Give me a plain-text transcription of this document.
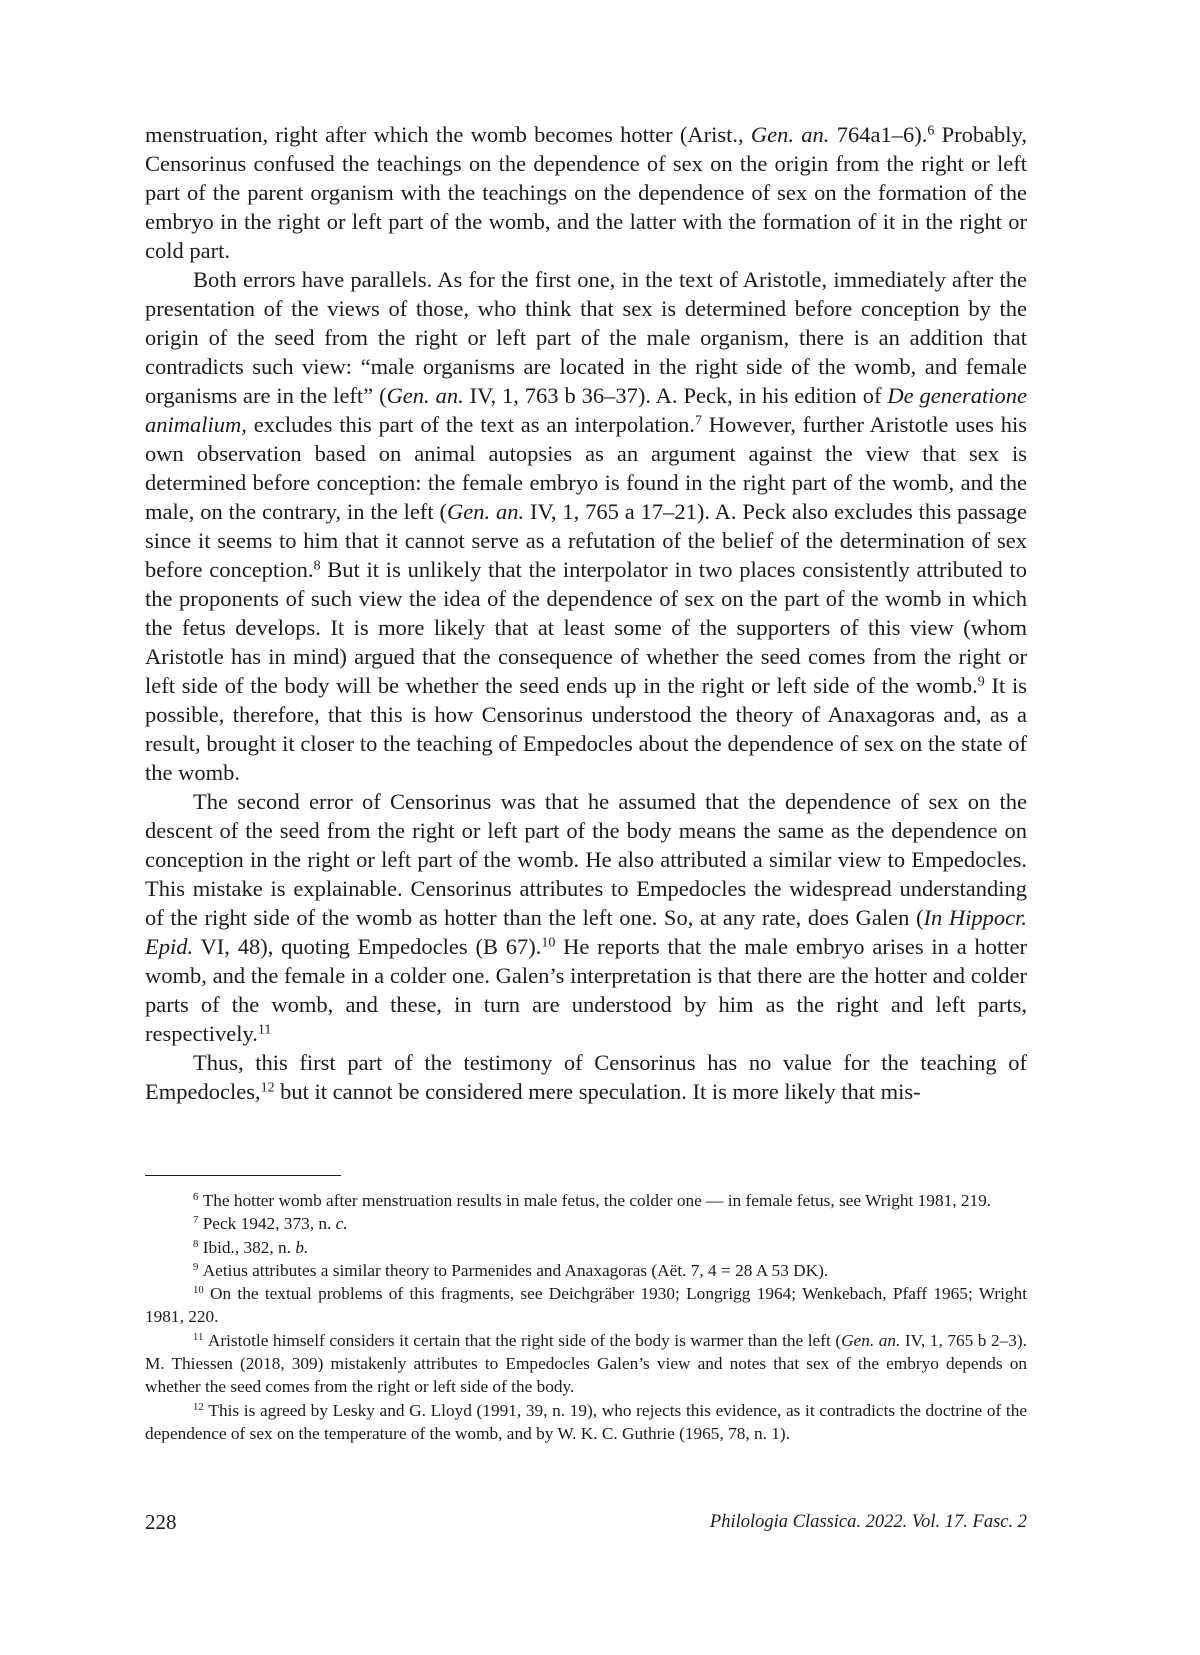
menstruation, right after which the womb becomes hotter (Arist., Gen. an. 764a1–6).$^6$ Probably, Censorinus confused the teachings on the dependence of sex on the origin from the right or left part of the parent organism with the teachings on the dependence of sex on the formation of the embryo in the right or left part of the womb, and the latter with the formation of it in the right or cold part.

Both errors have parallels. As for the first one, in the text of Aristotle, immediately after the presentation of the views of those, who think that sex is determined before conception by the origin of the seed from the right or left part of the male organism, there is an addition that contradicts such view: “male organisms are located in the right side of the womb, and female organisms are in the left” (Gen. an. IV, 1, 763 b 36–37). A. Peck, in his edition of De generatione animalium, excludes this part of the text as an interpolation.$^7$ However, further Aristotle uses his own observation based on animal autopsies as an argument against the view that sex is determined before conception: the female embryo is found in the right part of the womb, and the male, on the contrary, in the left (Gen. an. IV, 1, 765 a 17–21). A. Peck also excludes this passage since it seems to him that it cannot serve as a refutation of the belief of the determination of sex before conception.$^8$ But it is unlikely that the interpolator in two places consistently attributed to the proponents of such view the idea of the dependence of sex on the part of the womb in which the fetus develops. It is more likely that at least some of the supporters of this view (whom Aristotle has in mind) argued that the consequence of whether the seed comes from the right or left side of the body will be whether the seed ends up in the right or left side of the womb.$^9$ It is possible, therefore, that this is how Censorinus understood the theory of Anaxagoras and, as a result, brought it closer to the teaching of Empedocles about the dependence of sex on the state of the womb.

The second error of Censorinus was that he assumed that the dependence of sex on the descent of the seed from the right or left part of the body means the same as the dependence on conception in the right or left part of the womb. He also attributed a similar view to Empedocles. This mistake is explainable. Censorinus attributes to Empedocles the widespread understanding of the right side of the womb as hotter than the left one. So, at any rate, does Galen (In Hippocr. Epid. VI, 48), quoting Empedocles (B 67).$^{10}$ He reports that the male embryo arises in a hotter womb, and the female in a colder one. Galen’s interpretation is that there are the hotter and colder parts of the womb, and these, in turn are understood by him as the right and left parts, respectively.$^{11}$

Thus, this first part of the testimony of Censorinus has no value for the teaching of Empedocles,$^{12}$ but it cannot be considered mere speculation. It is more likely that mis-

$^6$ The hotter womb after menstruation results in male fetus, the colder one — in female fetus, see Wright 1981, 219.

$^7$ Peck 1942, 373, n. c.

$^8$ Ibid., 382, n. b.

$^9$ Aetius attributes a similar theory to Parmenides and Anaxagoras (Aët. 7, 4 = 28 A 53 DK).

$^{10}$ On the textual problems of this fragments, see Deichgräber 1930; Longrigg 1964; Wenkebach, Pfaff 1965; Wright 1981, 220.

$^{11}$ Aristotle himself considers it certain that the right side of the body is warmer than the left (Gen. an. IV, 1, 765 b 2–3). M. Thiessen (2018, 309) mistakenly attributes to Empedocles Galen’s view and notes that sex of the embryo depends on whether the seed comes from the right or left side of the body.

$^{12}$ This is agreed by Lesky and G. Lloyd (1991, 39, n. 19), who rejects this evidence, as it contradicts the doctrine of the dependence of sex on the temperature of the womb, and by W. K. C. Guthrie (1965, 78, n. 1).

228	Philologia Classica. 2022. Vol. 17. Fasc. 2
